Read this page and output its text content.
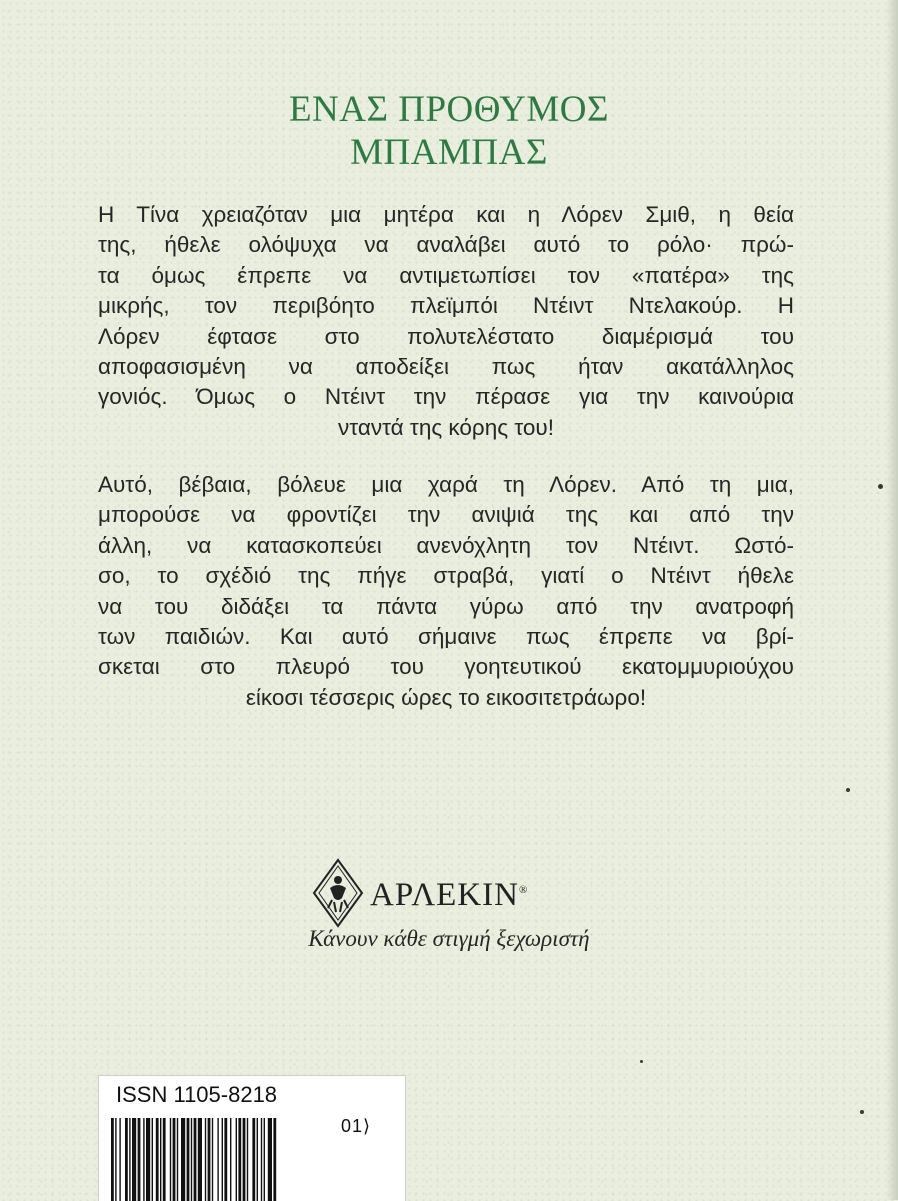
ΕΝΑΣ ΠΡΟΘΥΜΟΣ
ΜΠΑΜΠΑΣ
Η Τίνα χρειαζόταν μια μητέρα και η Λόρεν Σμιθ, η θεία
της, ήθελε ολόψυχα να αναλάβει αυτό το ρόλο· πρώ-
τα όμως έπρεπε να αντιμετωπίσει τον «πατέρα» της
μικρής, τον περιβόητο πλεϊμπόι Ντέιντ Ντελακούρ. Η
Λόρεν έφτασε στο πολυτελέστατο διαμέρισμά του
αποφασισμένη να αποδείξει πως ήταν ακατάλληλος
γονιός. Όμως ο Ντέιντ την πέρασε για την καινούρια
νταντά της κόρης του!
Αυτό, βέβαια, βόλευε μια χαρά τη Λόρεν. Από τη μια,
μπορούσε να φροντίζει την ανιψιά της και από την
άλλη, να κατασκοπεύει ανενόχλητη τον Ντέιντ. Ωστό-
σο, το σχέδιό της πήγε στραβά, γιατί ο Ντέιντ ήθελε
να του διδάξει τα πάντα γύρω από την ανατροφή
των παιδιών. Και αυτό σήμαινε πως έπρεπε να βρί-
σκεται στο πλευρό του γοητευτικού εκατομμυριούχου
είκοσι τέσσερις ώρες το εικοσιτετράωρο!
ΑΡΛΕΚΙΝ®
Κάνουν κάθε στιγμή ξεχωριστή
ISSN 1105-8218
01⟩
